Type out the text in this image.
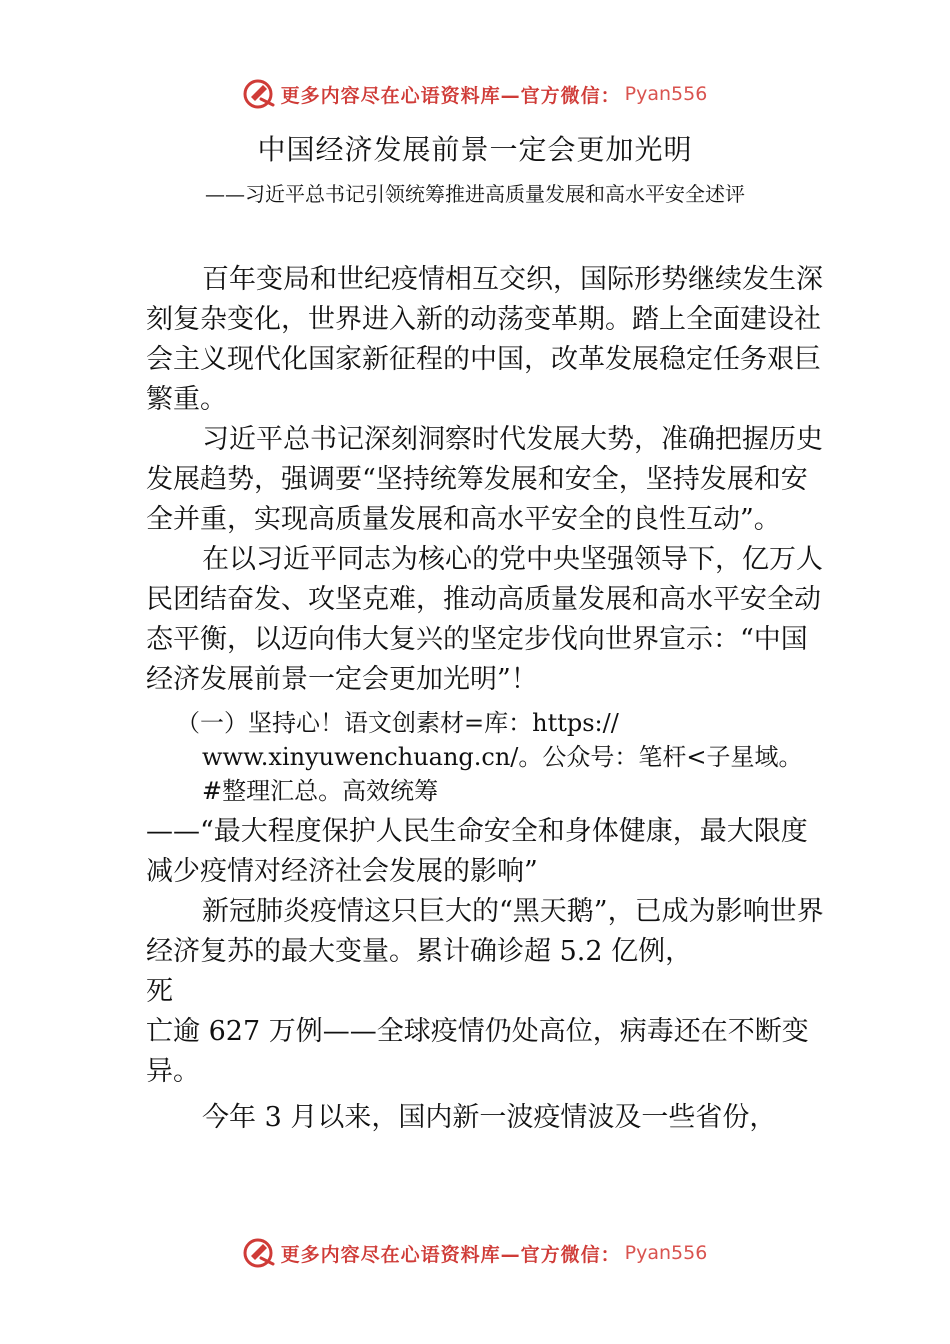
更多内容尽在心语资料库—官方微信： Pyan556
中国经济发展前景一定会更加光明
——习近平总书记引领统筹推进高质量发展和高水平安全述评

百年变局和世纪疫情相互交织，国际形势继续发生深刻复杂变化，世界进入新的动荡变革期。踏上全面建设社会主义现代化国家新征程的中国，改革发展稳定任务艰巨繁重。

习近平总书记深刻洞察时代发展大势，准确把握历史发展趋势，强调要“坚持统筹发展和安全，坚持发展和安全并重，实现高质量发展和高水平安全的良性互动”。

在以习近平同志为核心的党中央坚强领导下，亿万人民团结奋发、攻坚克难，推动高质量发展和高水平安全动态平衡，以迈向伟大复兴的坚定步伐向世界宣示：“中国经济发展前景一定会更加光明”！

（一）坚持心！语文创素材=库：https://

www.xinyuwenchuang.cn/。公众号：笔杆<子星域。

#整理汇总。高效统筹

——“最大程度保护人民生命安全和身体健康，最大限度减少疫情对经济社会发展的影响”

新冠肺炎疫情这只巨大的“黑天鹅”，已成为影响世界经济复苏的最大变量。累计确诊超 5.2 亿例，

死

亡逾 627 万例——全球疫情仍处高位，病毒还在不断变异。

今年 3 月以来，国内新一波疫情波及一些省份，

更多内容尽在心语资料库—官方微信： Pyan556
